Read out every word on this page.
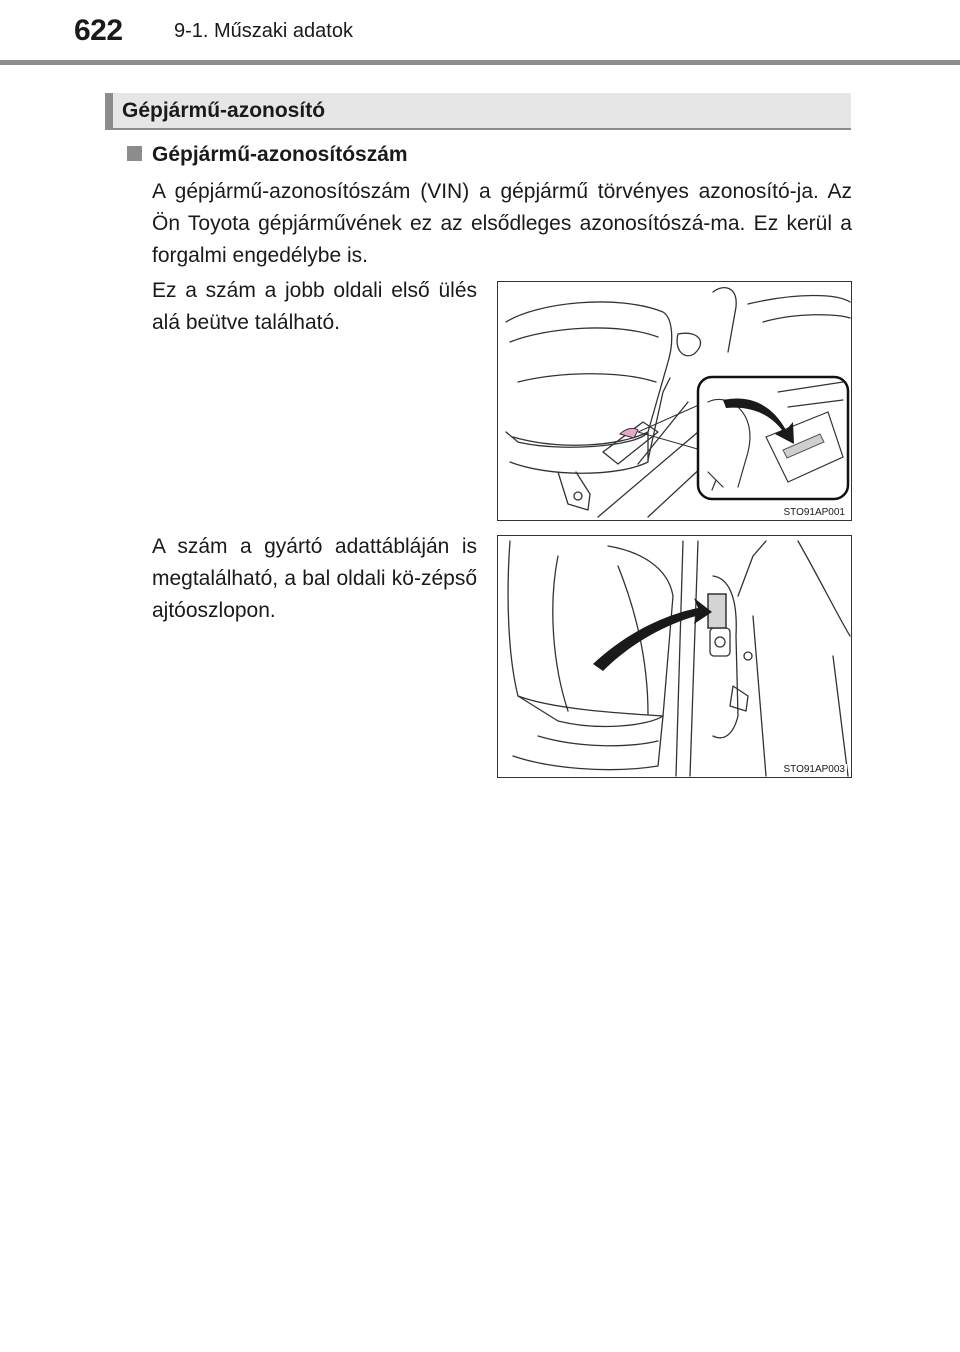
622	9-1. Műszaki adatok
Gépjármű-azonosító
Gépjármű-azonosítószám
A gépjármű-azonosítószám (VIN) a gépjármű törvényes azonosító-ja. Az Ön Toyota gépjárművének ez az elsődleges azonosítószá-ma. Ez kerül a forgalmi engedélybe is.
Ez a szám a jobb oldali első ülés alá beütve található.
A szám a gyártó adattábláján is megtalálható, a bal oldali kö-zépső ajtóoszlopon.
STO91AP001
STO91AP003
